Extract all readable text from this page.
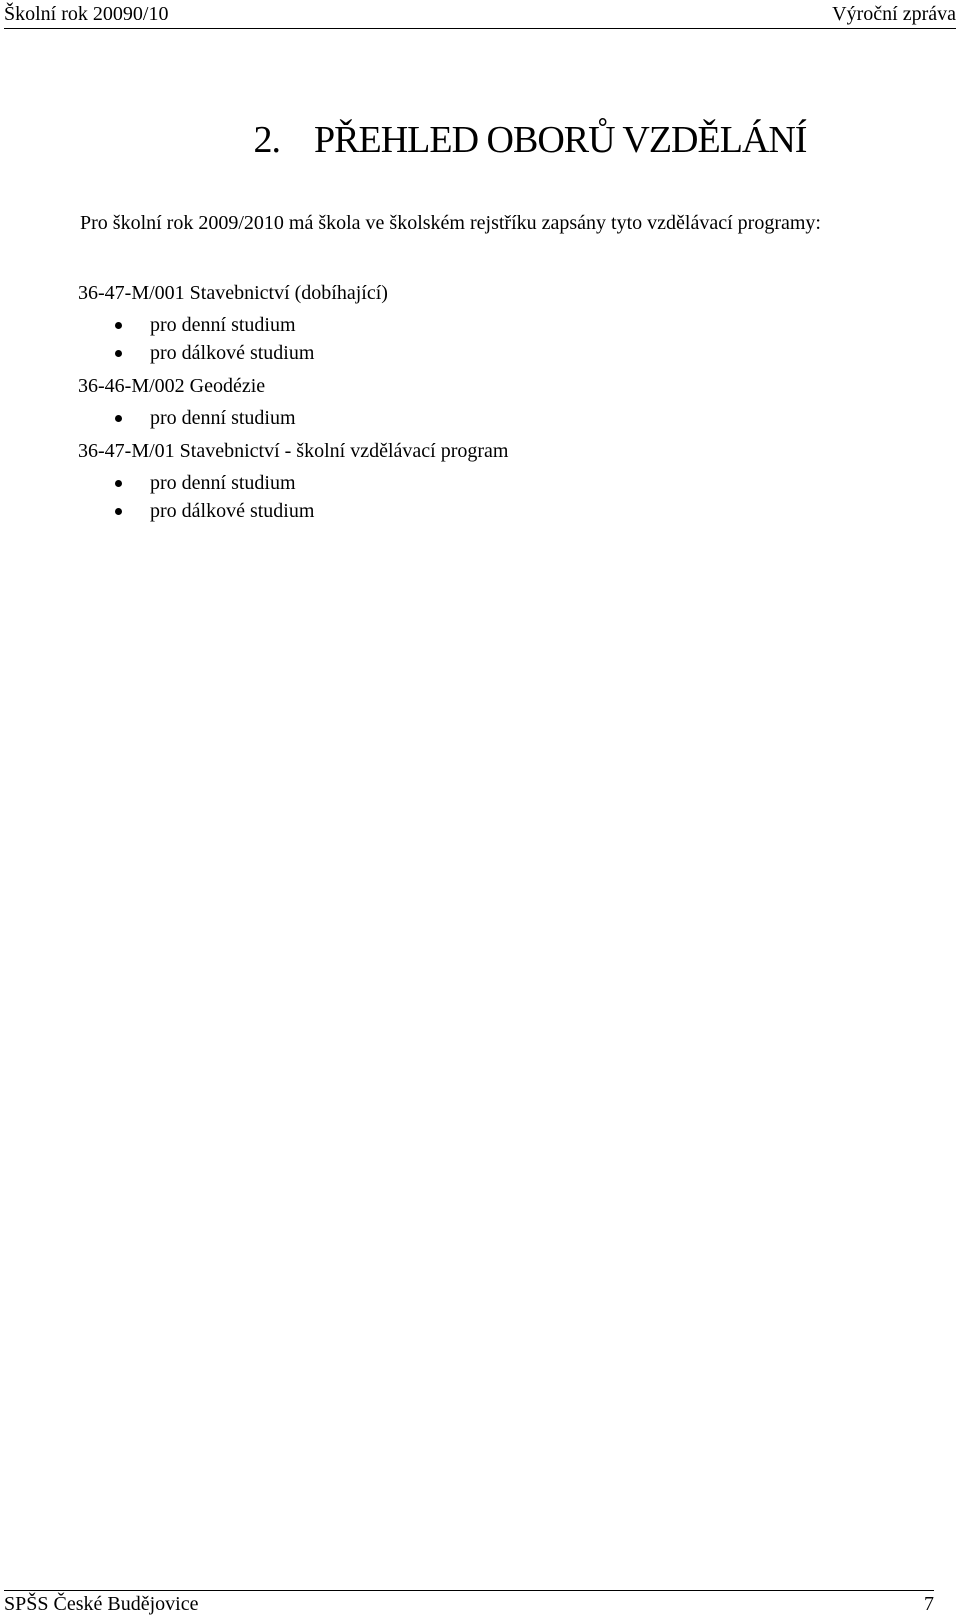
Školní rok 20090/10	Výroční zpráva
2. PŘEHLED OBORŮ VZDĚLÁNÍ

Pro školní rok 2009/2010 má škola ve školském rejstříku zapsány tyto vzdělávací programy:

36-47-M/001 Stavebnictví (dobíhající)
pro denní studium
pro dálkové studium
36-46-M/002 Geodézie
pro denní studium
36-47-M/01 Stavebnictví - školní vzdělávací program
pro denní studium
pro dálkové studium
SPŠS České Budějovice	7
